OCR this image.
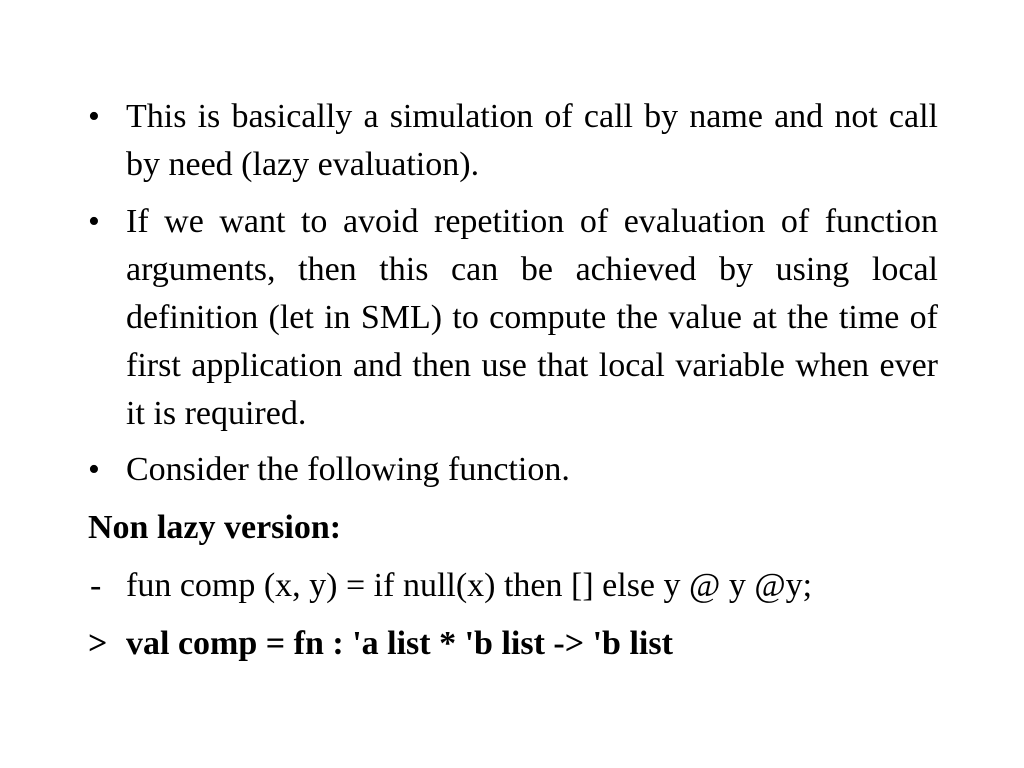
• This is basically a simulation of call by name and not call by need (lazy evaluation).
• If we want to avoid repetition of evaluation of function arguments, then this can be achieved by using local definition (let in SML) to compute the value at the time of first application and then use that local variable when ever it is required.
• Consider the following function.
Non lazy version:
- fun comp (x, y) = if null(x) then [] else y @ y @y;
> val comp = fn : 'a list * 'b list -> 'b list
